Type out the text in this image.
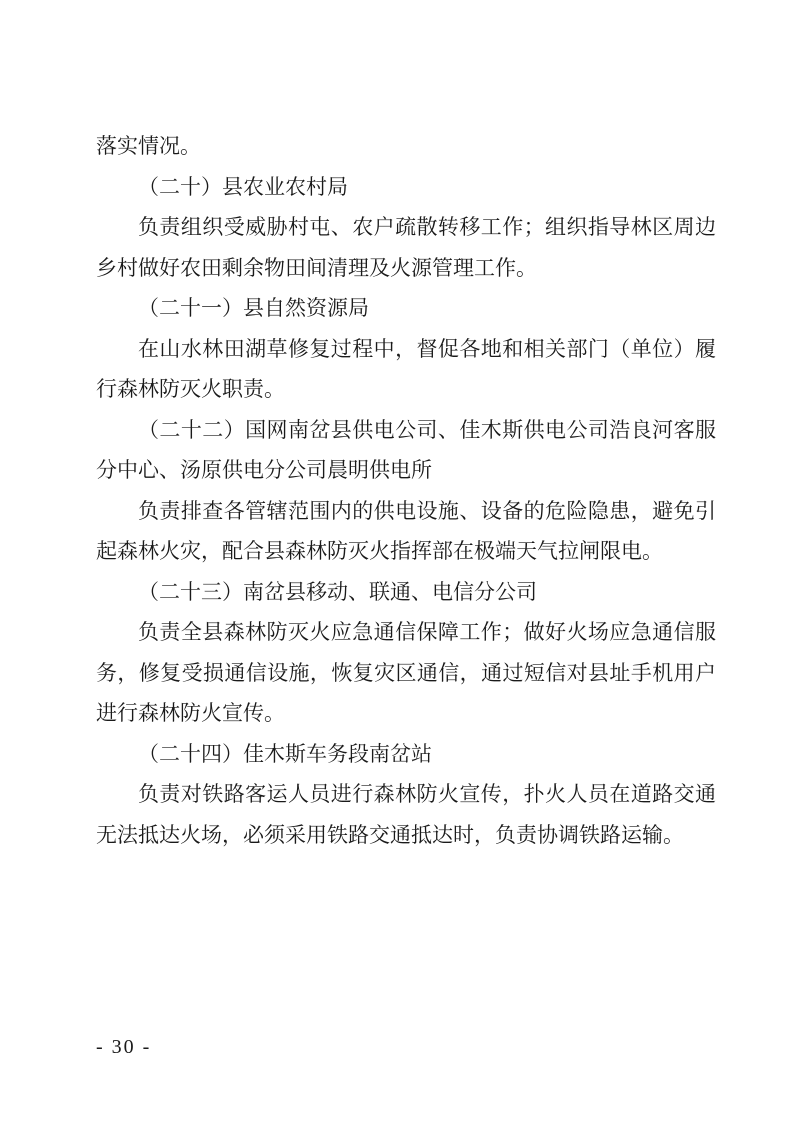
落实情况。

（二十）县农业农村局

负责组织受威胁村屯、农户疏散转移工作；组织指导林区周边乡村做好农田剩余物田间清理及火源管理工作。

（二十一）县自然资源局

在山水林田湖草修复过程中，督促各地和相关部门（单位）履行森林防灭火职责。

（二十二）国网南岔县供电公司、佳木斯供电公司浩良河客服分中心、汤原供电分公司晨明供电所

负责排查各管辖范围内的供电设施、设备的危险隐患，避免引起森林火灾，配合县森林防灭火指挥部在极端天气拉闸限电。

（二十三）南岔县移动、联通、电信分公司

负责全县森林防灭火应急通信保障工作；做好火场应急通信服务，修复受损通信设施，恢复灾区通信，通过短信对县址手机用户进行森林防火宣传。

（二十四）佳木斯车务段南岔站

负责对铁路客运人员进行森林防火宣传，扑火人员在道路交通无法抵达火场，必须采用铁路交通抵达时，负责协调铁路运输。

- 30 -
